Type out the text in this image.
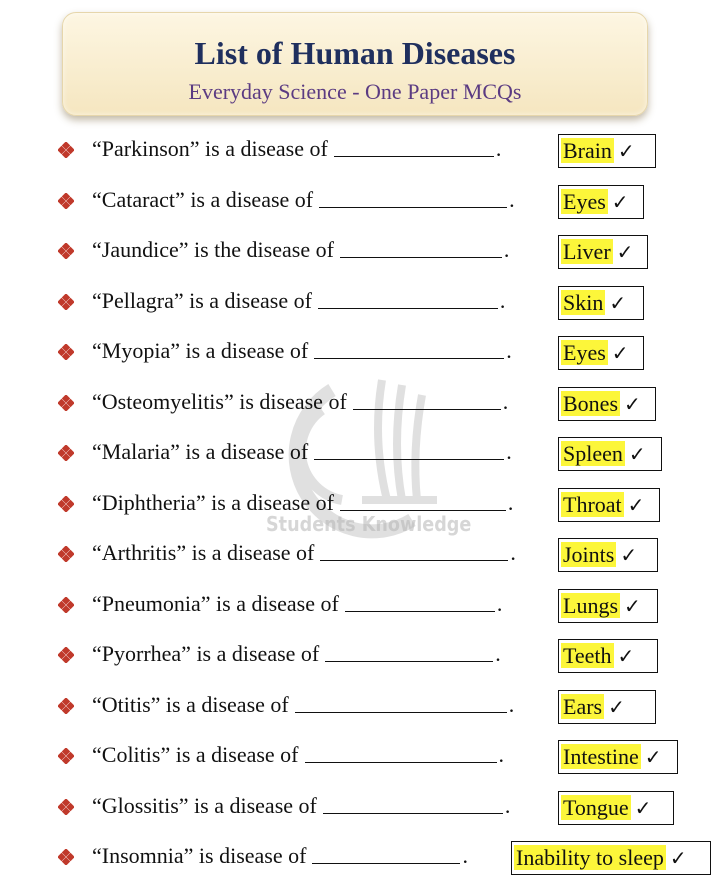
List of Human Diseases
Everyday Science - One Paper MCQs
Students Knowledge
“Parkinson” is a disease of	.	Brain ✓
“Cataract” is a disease of	. Eyes ✓
“Jaundice” is the disease of	. Liver ✓
“Pellagra” is a disease of	.	Skin ✓
“Myopia” is a disease of	. Eyes ✓
“Osteomyelitis” is disease of	. Bones ✓
“Malaria” is a disease of	. Spleen ✓
“Diphtheria” is a disease of	. Throat ✓
“Arthritis” is a disease of	. Joints ✓
“Pneumonia” is a disease of	.	Lungs ✓
“Pyorrhea” is a disease of	.	Teeth ✓
“Otitis” is a disease of	. Ears ✓
“Colitis” is a disease of	.	Intestine ✓
“Glossitis” is a disease of	. Tongue ✓
“Insomnia” is disease of	. Inability to sleep ✓
